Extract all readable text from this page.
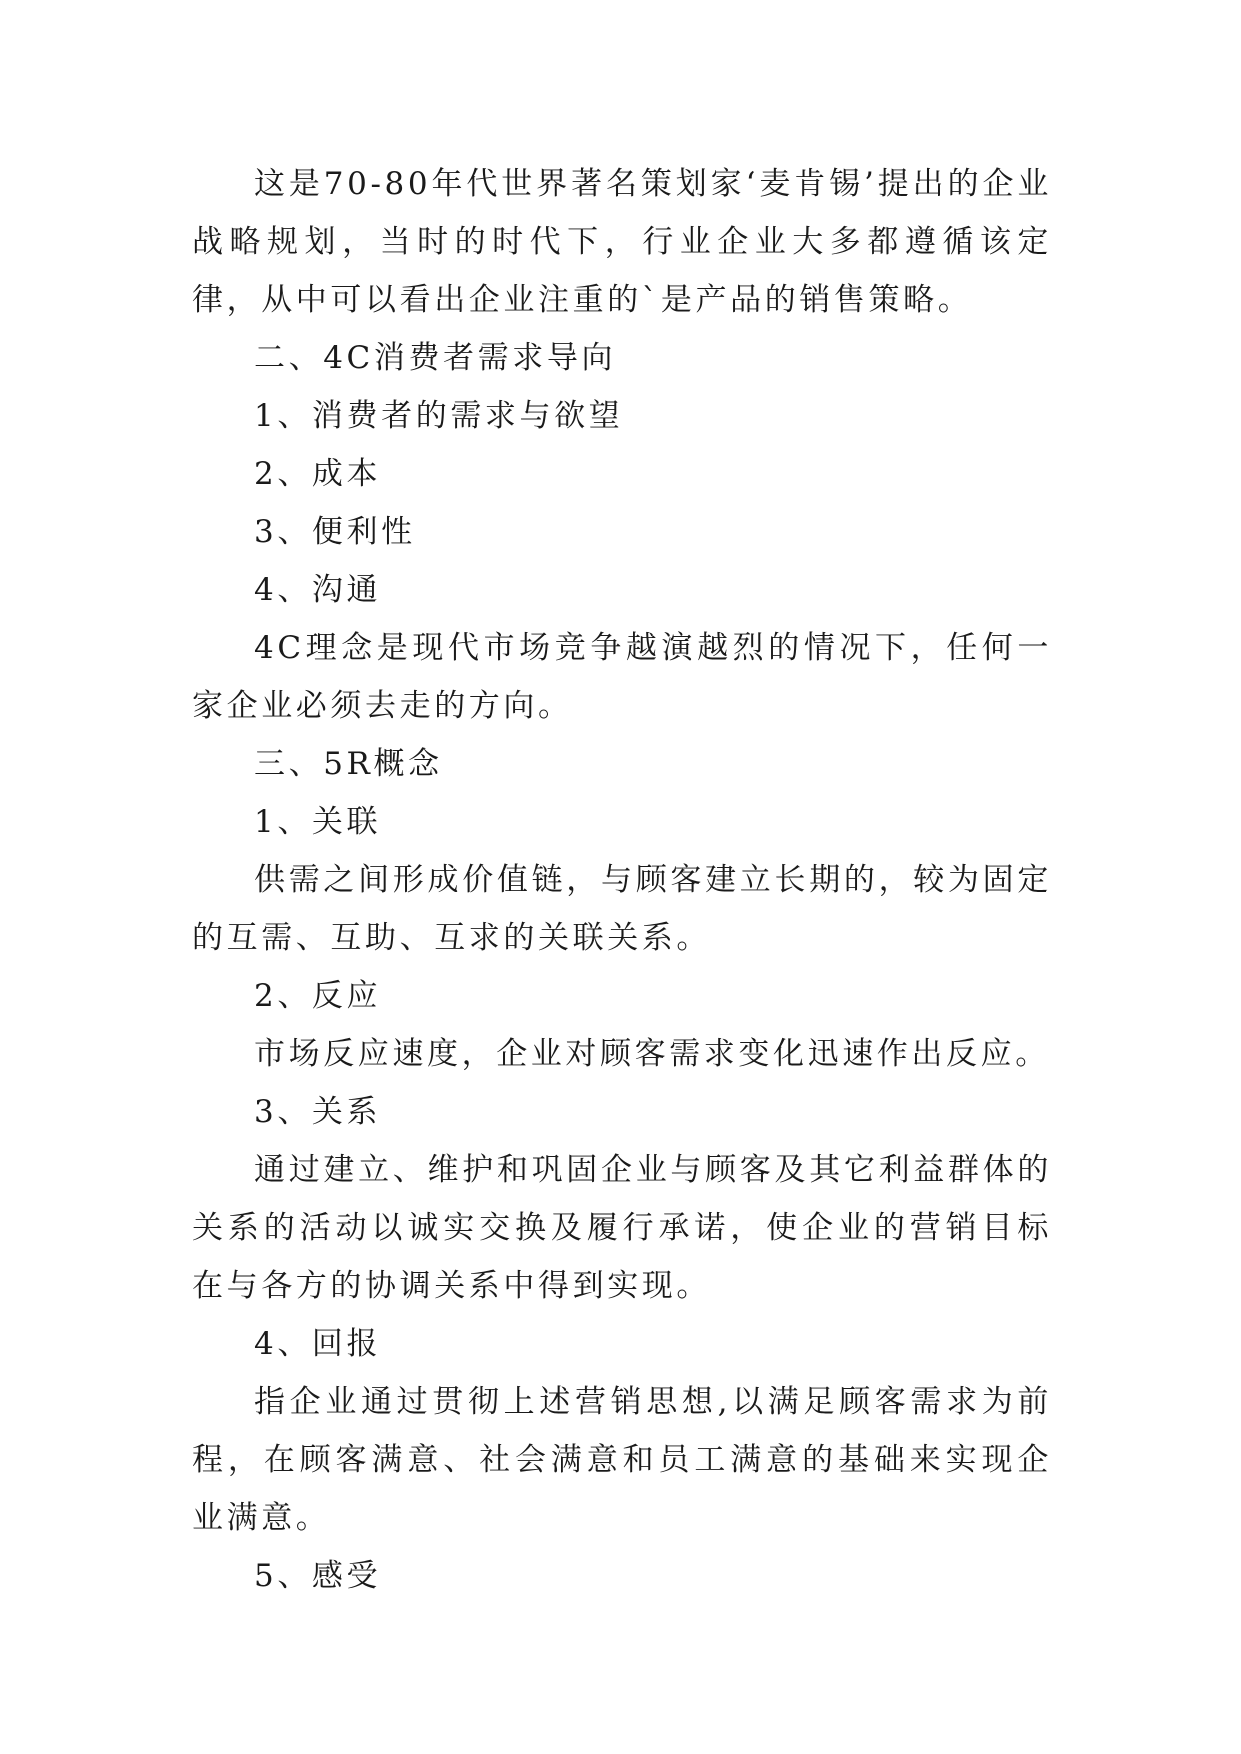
这是70-80年代世界著名策划家‘麦肯锡’提出的企业战略规划，当时的时代下，行业企业大多都遵循该定律，从中可以看出企业注重的`是产品的销售策略。

二、4C消费者需求导向

1、消费者的需求与欲望

2、成本

3、便利性

4、沟通

4C理念是现代市场竞争越演越烈的情况下，任何一家企业必须去走的方向。

三、5R概念

1、关联

供需之间形成价值链，与顾客建立长期的，较为固定的互需、互助、互求的关联关系。

2、反应

市场反应速度，企业对顾客需求变化迅速作出反应。

3、关系

通过建立、维护和巩固企业与顾客及其它利益群体的关系的活动以诚实交换及履行承诺，使企业的营销目标在与各方的协调关系中得到实现。

4、回报

指企业通过贯彻上述营销思想,以满足顾客需求为前程，在顾客满意、社会满意和员工满意的基础来实现企业满意。

5、感受
